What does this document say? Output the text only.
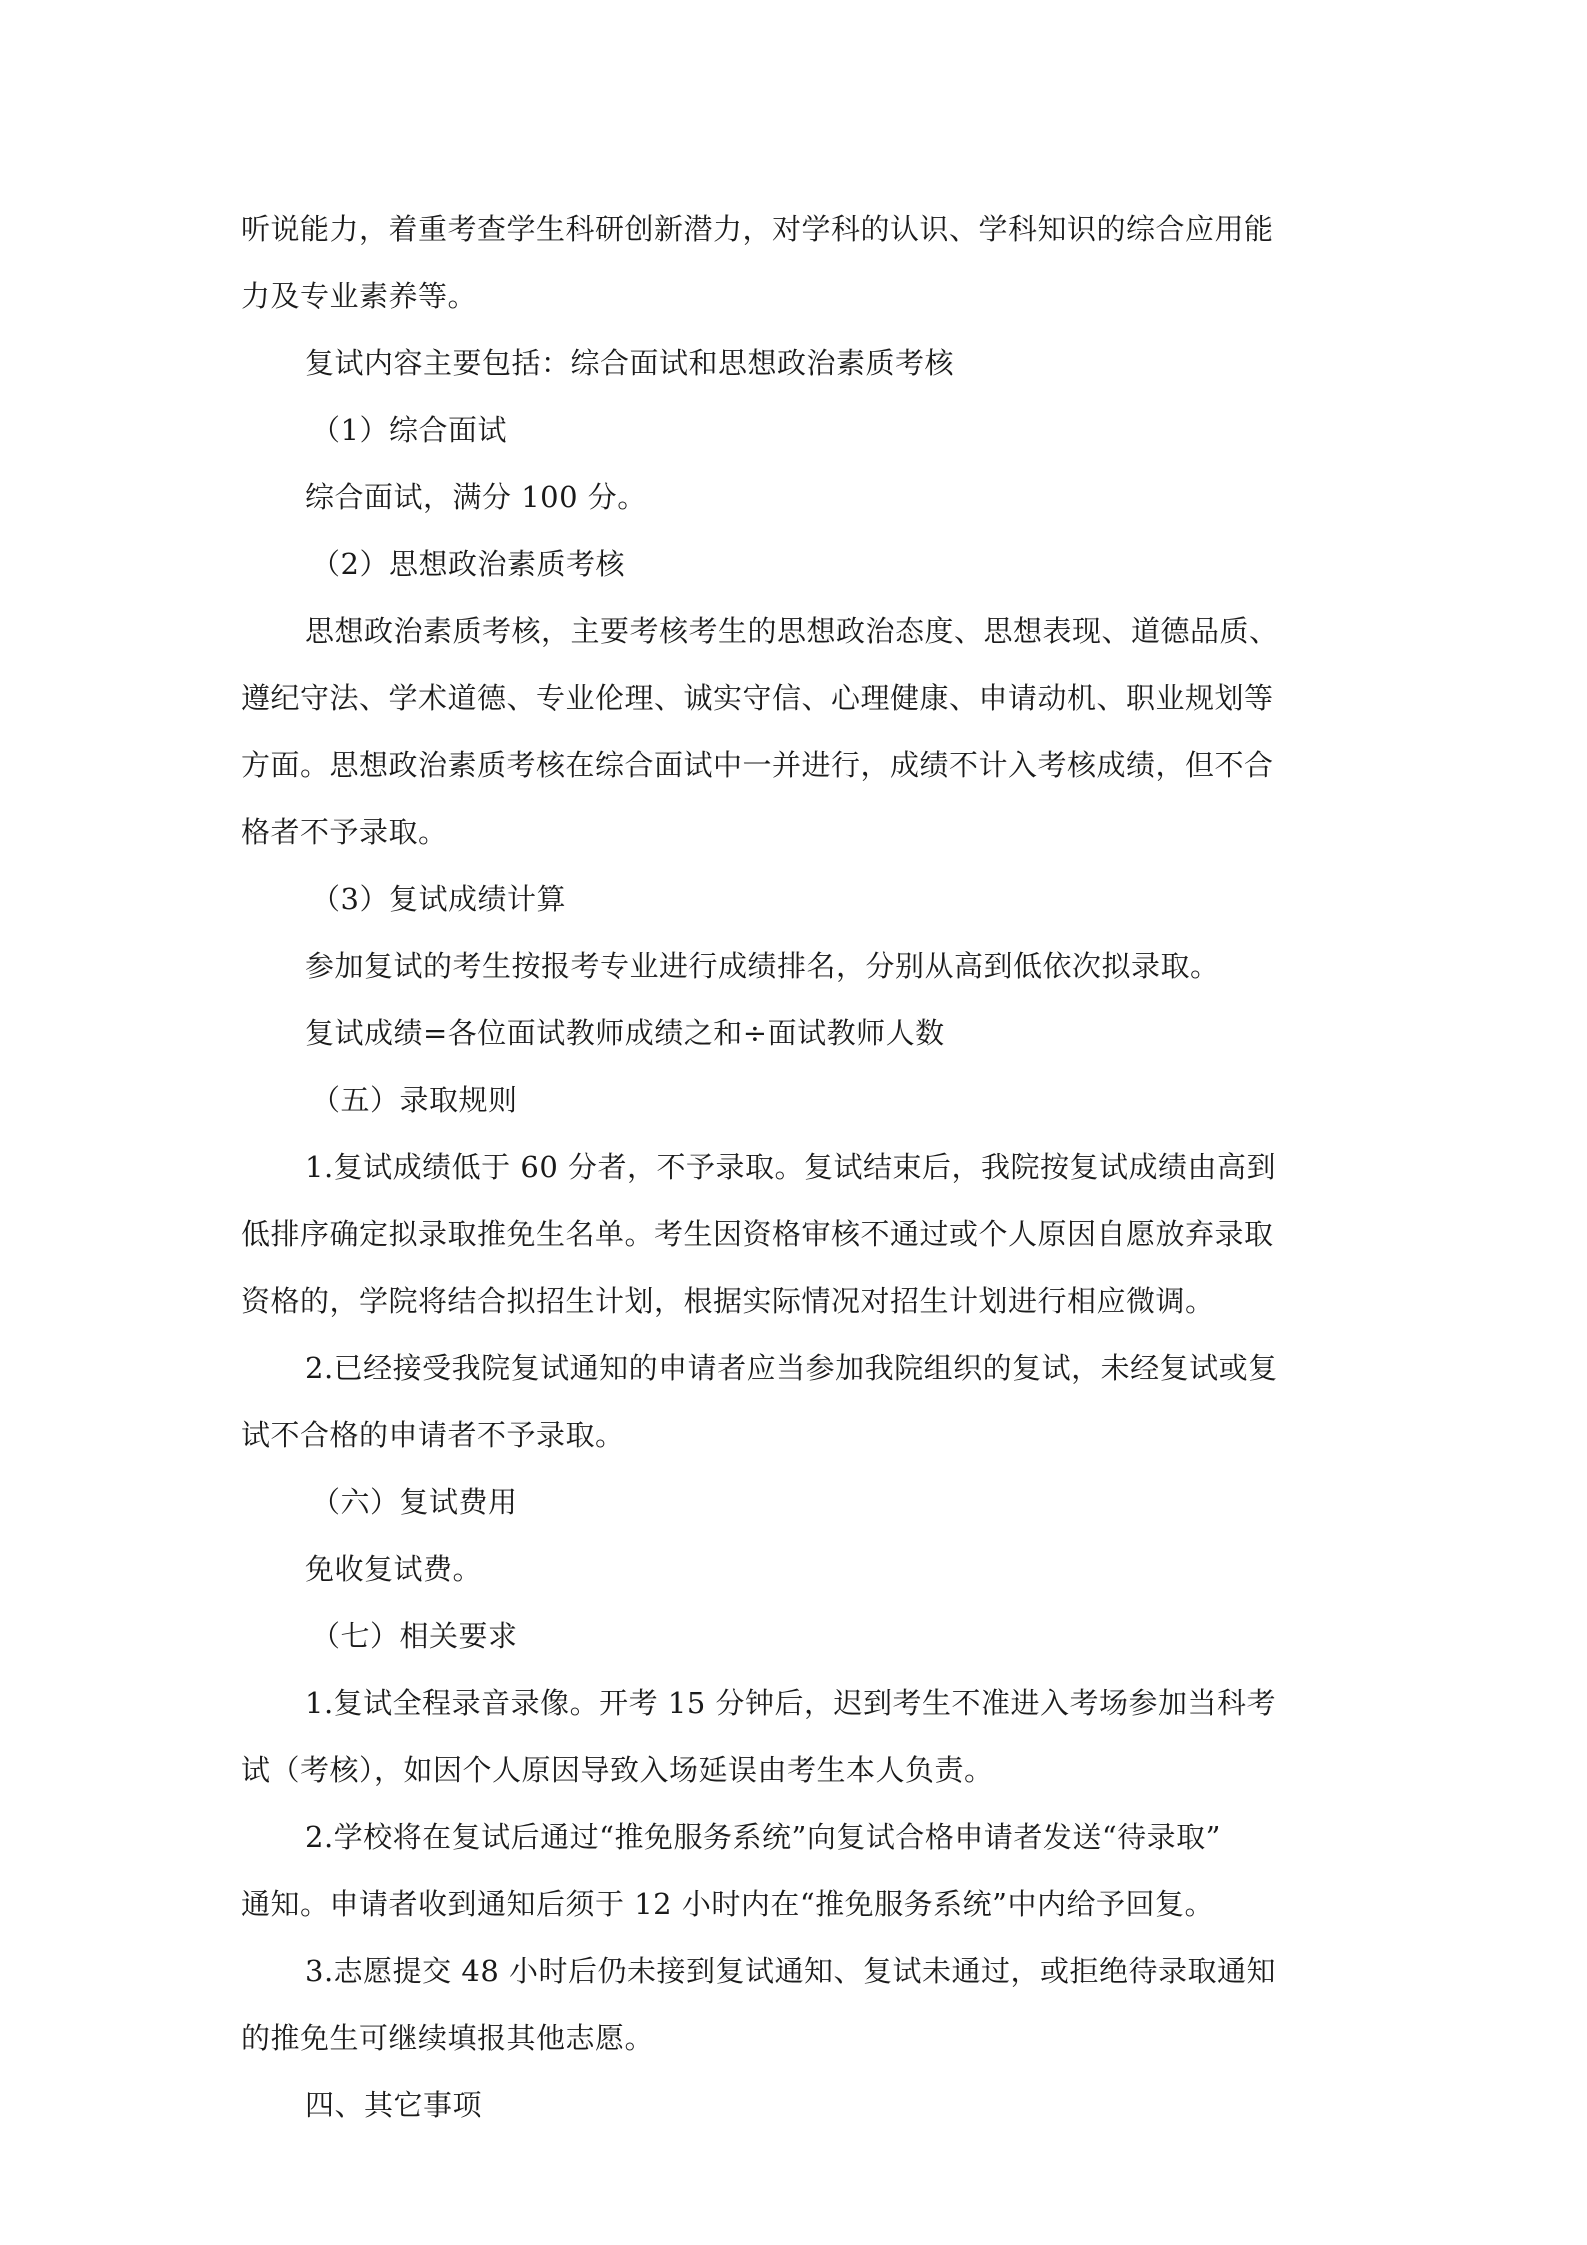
听说能力，着重考查学生科研创新潜力，对学科的认识、学科知识的综合应用能
力及专业素养等。
复试内容主要包括：综合面试和思想政治素质考核
（1）综合面试
综合面试，满分 100 分。
（2）思想政治素质考核
思想政治素质考核，主要考核考生的思想政治态度、思想表现、道德品质、
遵纪守法、学术道德、专业伦理、诚实守信、心理健康、申请动机、职业规划等
方面。思想政治素质考核在综合面试中一并进行，成绩不计入考核成绩，但不合
格者不予录取。
（3）复试成绩计算
参加复试的考生按报考专业进行成绩排名，分别从高到低依次拟录取。
复试成绩=各位面试教师成绩之和÷面试教师人数
（五）录取规则
1.复试成绩低于 60 分者，不予录取。复试结束后，我院按复试成绩由高到
低排序确定拟录取推免生名单。考生因资格审核不通过或个人原因自愿放弃录取
资格的，学院将结合拟招生计划，根据实际情况对招生计划进行相应微调。
2.已经接受我院复试通知的申请者应当参加我院组织的复试，未经复试或复
试不合格的申请者不予录取。
（六）复试费用
免收复试费。
（七）相关要求
1.复试全程录音录像。开考 15 分钟后，迟到考生不准进入考场参加当科考
试（考核），如因个人原因导致入场延误由考生本人负责。
2.学校将在复试后通过“推免服务系统”向复试合格申请者发送“待录取”
通知。申请者收到通知后须于 12 小时内在“推免服务系统”中内给予回复。
3.志愿提交 48 小时后仍未接到复试通知、复试未通过，或拒绝待录取通知
的推免生可继续填报其他志愿。
四、其它事项
